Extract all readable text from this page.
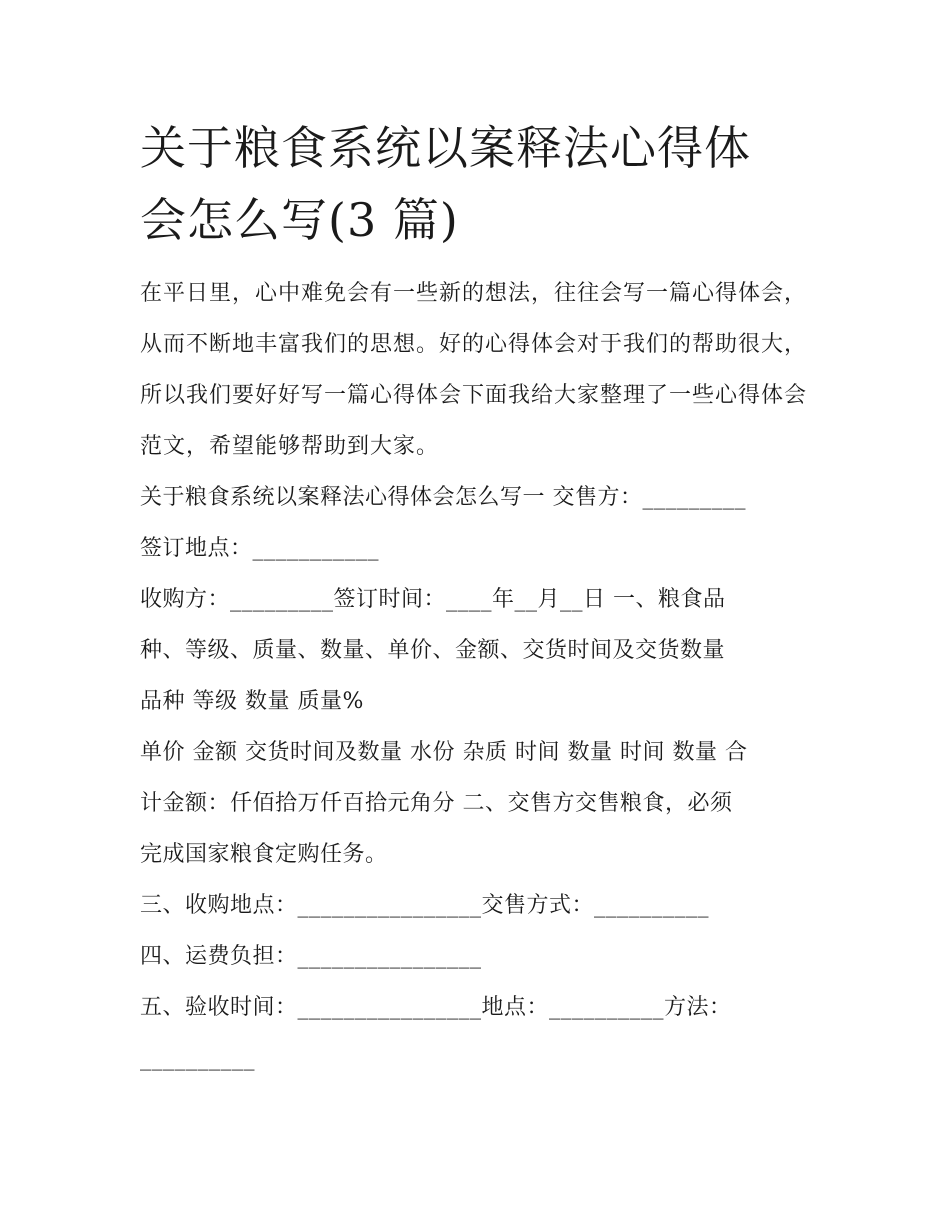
关于粮食系统以案释法心得体
会怎么写(3 篇)

在平日里，心中难免会有一些新的想法，往往会写一篇心得体会，从而不断地丰富我们的思想。好的心得体会对于我们的帮助很大，所以我们要好好写一篇心得体会下面我给大家整理了一些心得体会范文，希望能够帮助到大家。

关于粮食系统以案释法心得体会怎么写一 交售方：_________

签订地点：___________

收购方：_________签订时间：____年__月__日 一、粮食品

种、等级、质量、数量、单价、金额、交货时间及交货数量

品种 等级 数量 质量%

单价 金额 交货时间及数量 水份 杂质 时间 数量 时间 数量 合

计金额：仟佰拾万仟百拾元角分 二、交售方交售粮食，必须

完成国家粮食定购任务。

三、收购地点：________________交售方式：__________

四、运费负担：________________

五、验收时间：________________地点：__________方法：

__________
